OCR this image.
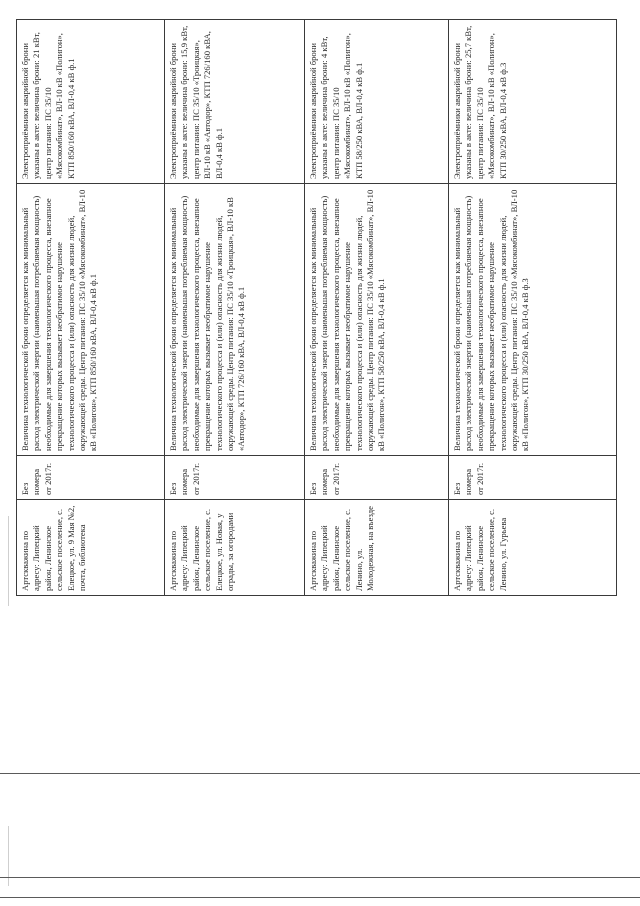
Артскважина по адресу: Липецкий район, Ленинское сельское поселение, с. Елецкое, ул. 9 Мая №2, почта, библиотека	Без номера от 2017г.	Величина технологической брони определяется как минимальный расход электрической энергии (наименьшая потребляемая мощность) необходимые для завершения технологического процесса, внезапное прекращение которых вызывает необратимое нарушение технологического процесса и (или) опасность для жизни людей, окружающей среды. Центр питания: ПС 35/10 «Мясокомбинат», ВЛ-10 кВ «Полигон», КТП 850/160 кВА, ВЛ-0,4 кВ ф.1	Электроприёмники аварийной брони указаны в акте: величина брони: 21 кВт, центр питания: ПС 35/10 «Мясокомбинат», ВЛ-10 кВ «Полигон», КТП 850/160 кВА, ВЛ-0,4 кВ ф.1
Артскважина по адресу: Липецкий район, Ленинское сельское поселение, с. Елецкое, ул. Новая, у ограды, за огородами	Без номера от 2017г.	Величина технологической брони определяется как минимальный расход электрической энергии (наименьшая потребляемая мощность) необходимые для завершения технологического процесса, внезапное прекращение которых вызывает необратимое нарушение технологического процесса и (или) опасность для жизни людей, окружающей среды. Центр питания: ПС 35/10 «Троицкая», ВЛ-10 кВ «Автодор», КТП 726/160 кВА, ВЛ-0,4 кВ ф.1	Электроприёмники аварийной брони указаны в акте: величина брони: 15,9 кВт, центр питания: ПС 35/10 «Троицкая», ВЛ-10 кВ «Автодор», КТП 726/160 кВА, ВЛ-0,4 кВ ф.1
Артскважина по адресу: Липецкий район, Ленинское сельское поселение, с. Ленино, ул. Молодежная, на въезде	Без номера от 2017г.	Величина технологической брони определяется как минимальный расход электрической энергии (наименьшая потребляемая мощность) необходимые для завершения технологического процесса, внезапное прекращение которых вызывает необратимое нарушение технологического процесса и (или) опасность для жизни людей, окружающей среды. Центр питания: ПС 35/10 «Мясокомбинат», ВЛ-10 кВ «Полигон», КТП 58/250 кВА, ВЛ-0,4 кВ ф.1	Электроприёмники аварийной брони указаны в акте: величина брони: 4 кВт, центр питания: ПС 35/10 «Мясокомбинат», ВЛ-10 кВ «Полигон», КТП 58/250 кВА, ВЛ-0,4 кВ ф.1
Артскважина по адресу: Липецкий район, Ленинское сельское поселение, с. Ленино, ул. Гурьева	Без номера от 2017г.	Величина технологической брони определяется как минимальный расход электрической энергии (наименьшая потребляемая мощность) необходимые для завершения технологического процесса, внезапное прекращение которых вызывает необратимое нарушение технологического процесса и (или) опасность для жизни людей, окружающей среды. Центр питания: ПС 35/10 «Мясокомбинат», ВЛ-10 кВ «Полигон», КТП 30/250 кВА, ВЛ-0,4 кВ ф.3	Электроприёмники аварийной брони указаны в акте: величина брони: 25,7 кВт, центр питания: ПС 35/10 «Мясокомбинат», ВЛ-10 кВ «Полигон», КТП 30/250 кВА, ВЛ-0,4 кВ ф.3
